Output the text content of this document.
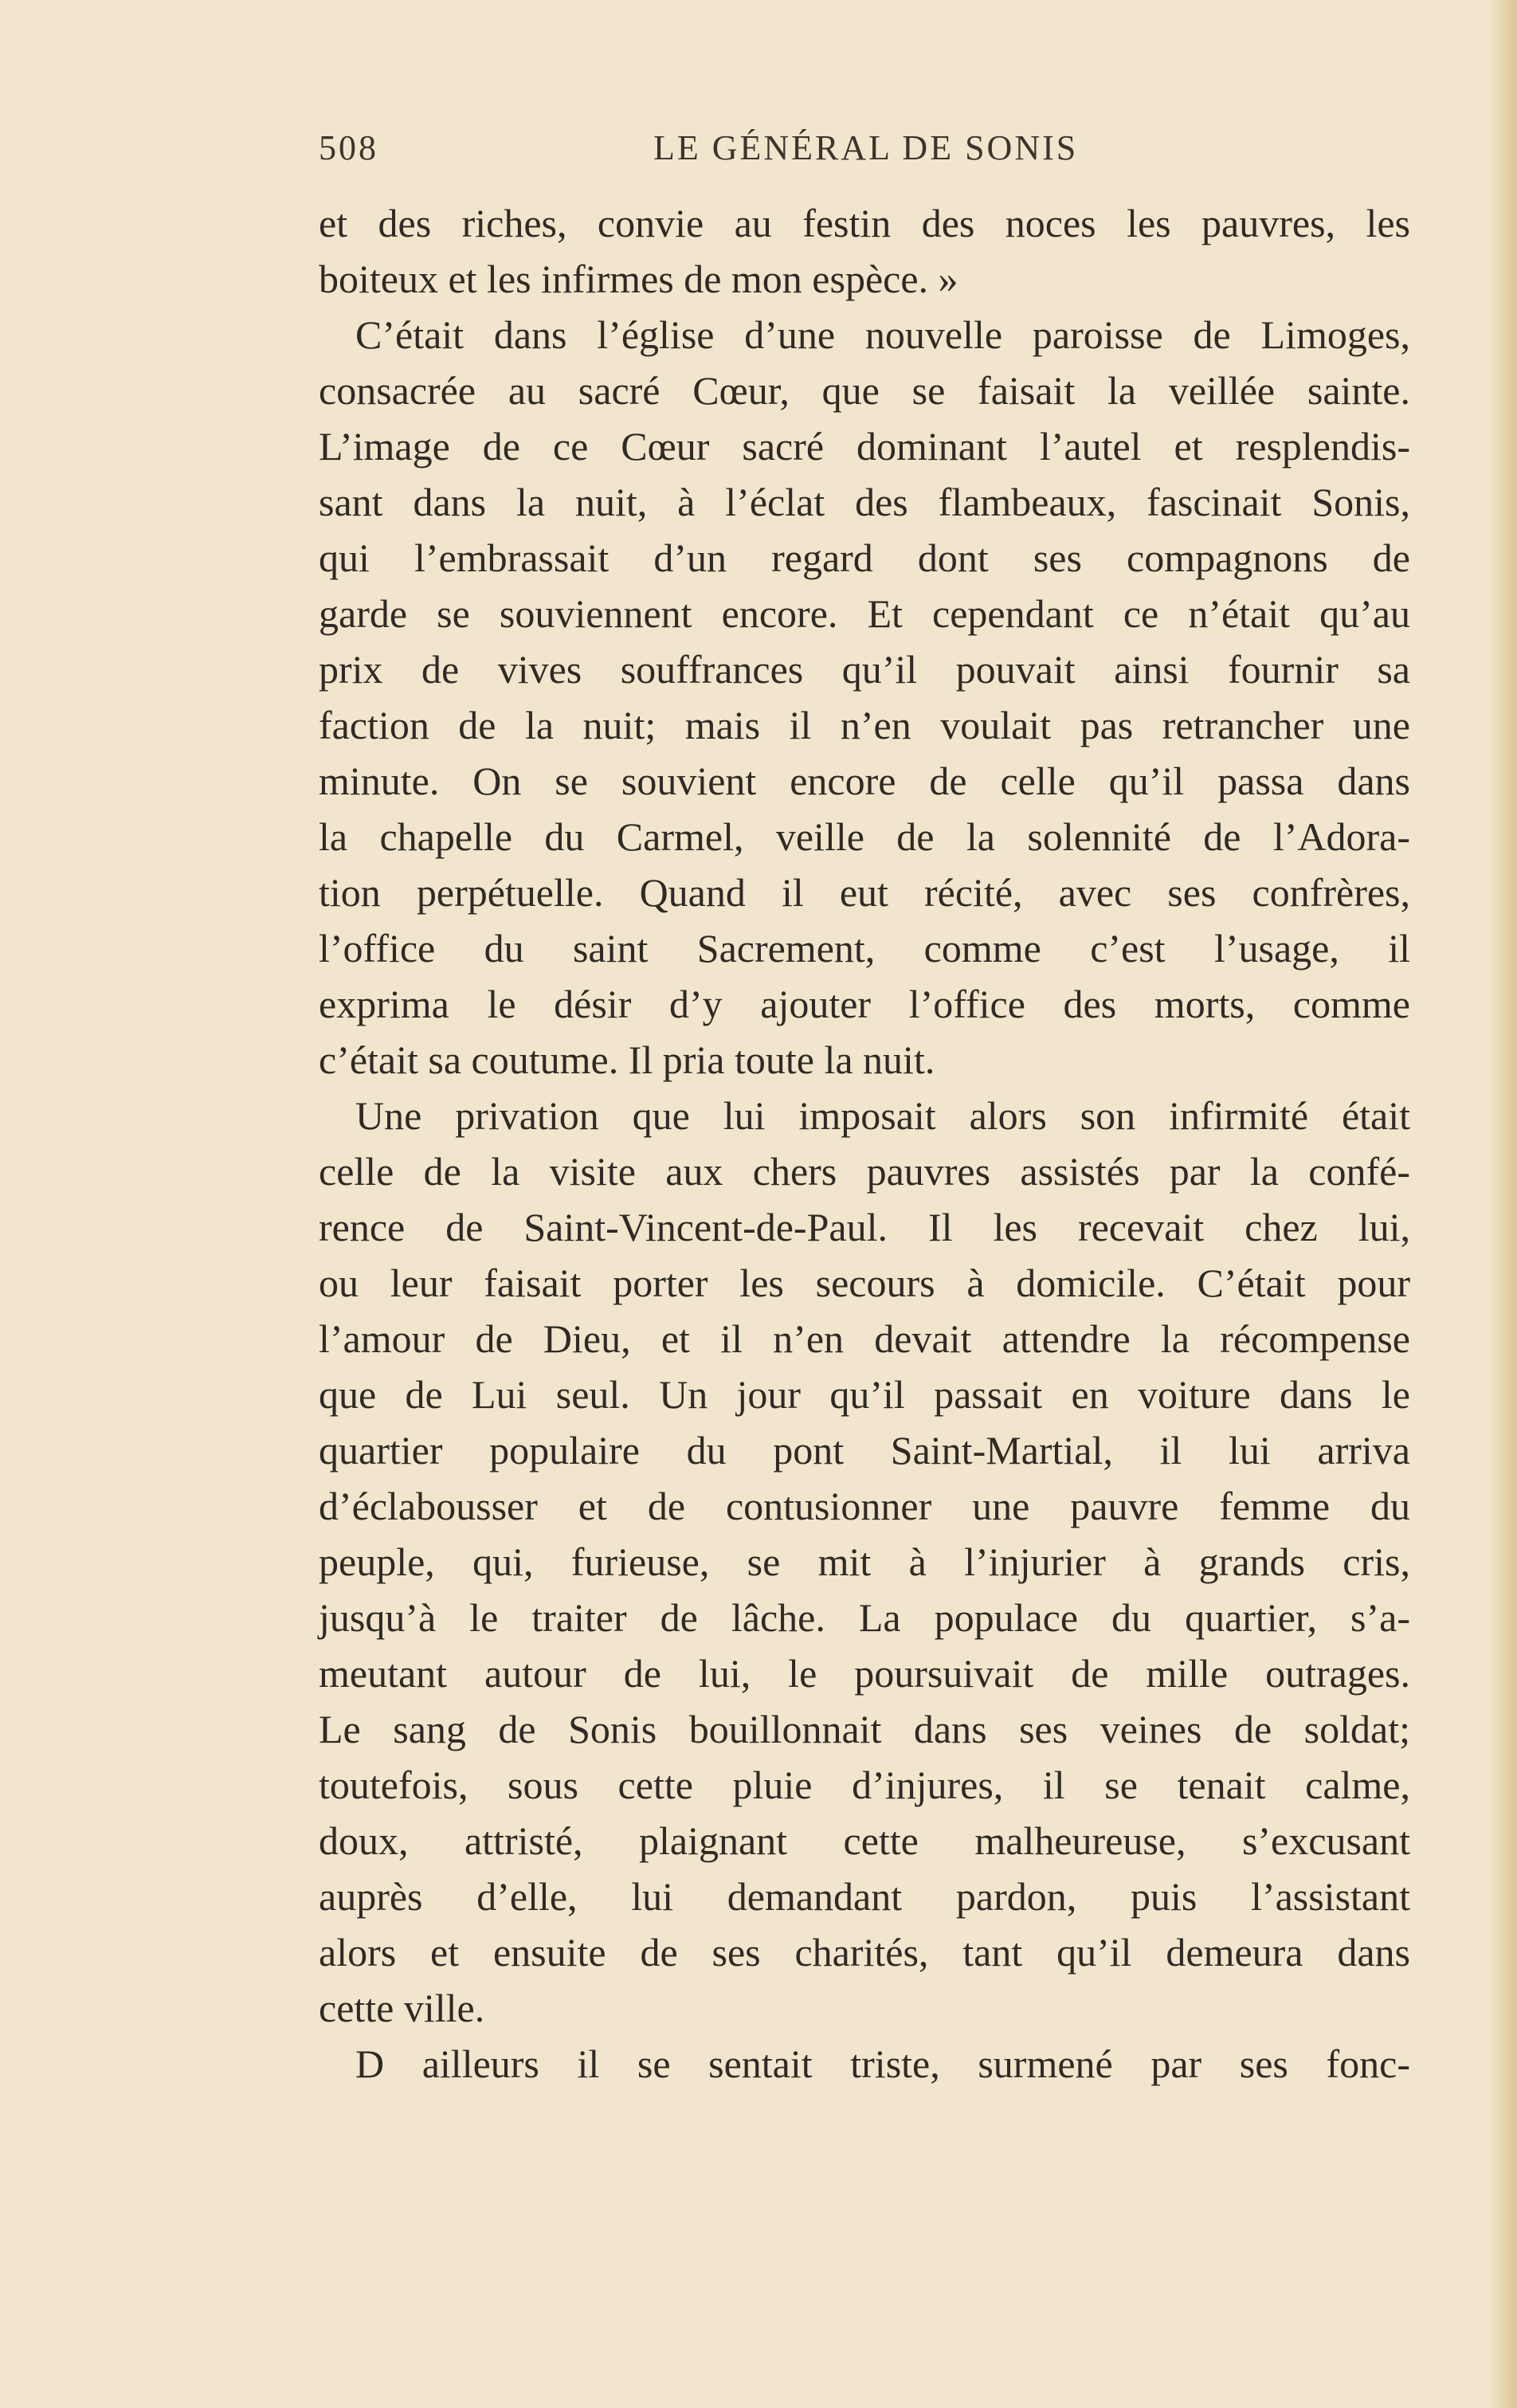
508	LE GÉNÉRAL DE SONIS
et des riches, convie au festin des noces les pauvres, les
boiteux et les infirmes de mon espèce. »
C’était dans l’église d’une nouvelle paroisse de Limoges,
consacrée au sacré Cœur, que se faisait la veillée sainte.
L’image de ce Cœur sacré dominant l’autel et resplendis-
sant dans la nuit, à l’éclat des flambeaux, fascinait Sonis,
qui l’embrassait d’un regard dont ses compagnons de
garde se souviennent encore. Et cependant ce n’était qu’au
prix de vives souffrances qu’il pouvait ainsi fournir sa
faction de la nuit; mais il n’en voulait pas retrancher une
minute. On se souvient encore de celle qu’il passa dans
la chapelle du Carmel, veille de la solennité de l’Adora-
tion perpétuelle. Quand il eut récité, avec ses confrères,
l’office du saint Sacrement, comme c’est l’usage, il
exprima le désir d’y ajouter l’office des morts, comme
c’était sa coutume. Il pria toute la nuit.
Une privation que lui imposait alors son infirmité était
celle de la visite aux chers pauvres assistés par la confé-
rence de Saint-Vincent-de-Paul. Il les recevait chez lui,
ou leur faisait porter les secours à domicile. C’était pour
l’amour de Dieu, et il n’en devait attendre la récompense
que de Lui seul. Un jour qu’il passait en voiture dans le
quartier populaire du pont Saint-Martial, il lui arriva
d’éclabousser et de contusionner une pauvre femme du
peuple, qui, furieuse, se mit à l’injurier à grands cris,
jusqu’à le traiter de lâche. La populace du quartier, s’a-
meutant autour de lui, le poursuivait de mille outrages.
Le sang de Sonis bouillonnait dans ses veines de soldat;
toutefois, sous cette pluie d’injures, il se tenait calme,
doux, attristé, plaignant cette malheureuse, s’excusant
auprès d’elle, lui demandant pardon, puis l’assistant
alors et ensuite de ses charités, tant qu’il demeura dans
cette ville.
D ailleurs il se sentait triste, surmené par ses fonc-
